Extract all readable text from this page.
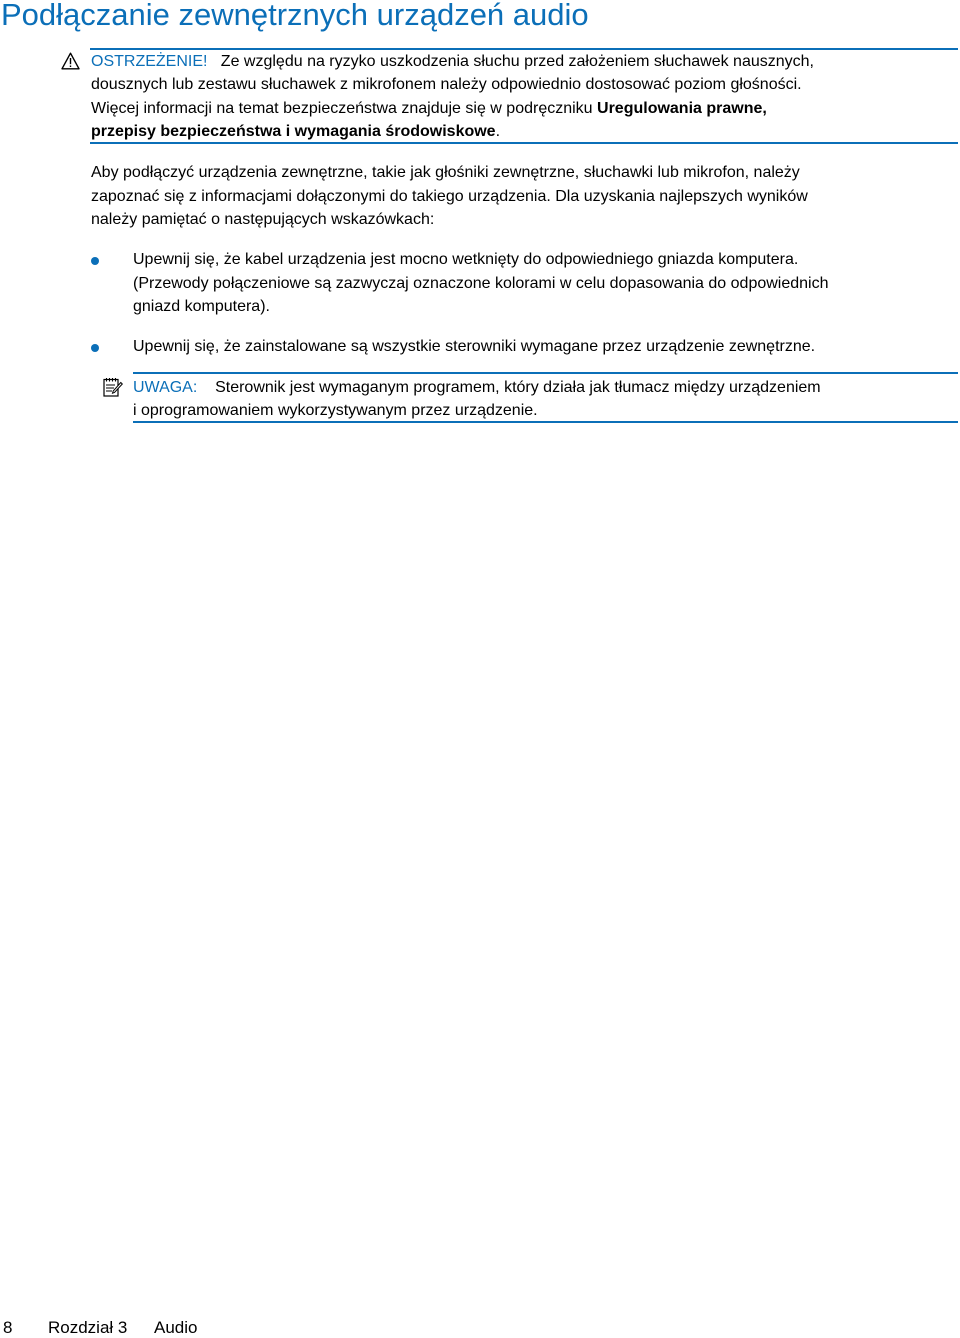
Podłączanie zewnętrznych urządzeń audio

OSTRZEŻENIE! Ze względu na ryzyko uszkodzenia słuchu przed założeniem słuchawek nausznych,

dousznych lub zestawu słuchawek z mikrofonem należy odpowiednio dostosować poziom głośności.

Więcej informacji na temat bezpieczeństwa znajduje się w podręczniku Uregulowania prawne,

przepisy bezpieczeństwa i wymagania środowiskowe.

Aby podłączyć urządzenia zewnętrzne, takie jak głośniki zewnętrzne, słuchawki lub mikrofon, należy

zapoznać się z informacjami dołączonymi do takiego urządzenia. Dla uzyskania najlepszych wyników

należy pamiętać o następujących wskazówkach:

Upewnij się, że kabel urządzenia jest mocno wetknięty do odpowiedniego gniazda komputera.

(Przewody połączeniowe są zazwyczaj oznaczone kolorami w celu dopasowania do odpowiednich

gniazd komputera).

Upewnij się, że zainstalowane są wszystkie sterowniki wymagane przez urządzenie zewnętrzne.

UWAGA: Sterownik jest wymaganym programem, który działa jak tłumacz między urządzeniem

i oprogramowaniem wykorzystywanym przez urządzenie.

8 Rozdział 3 Audio
